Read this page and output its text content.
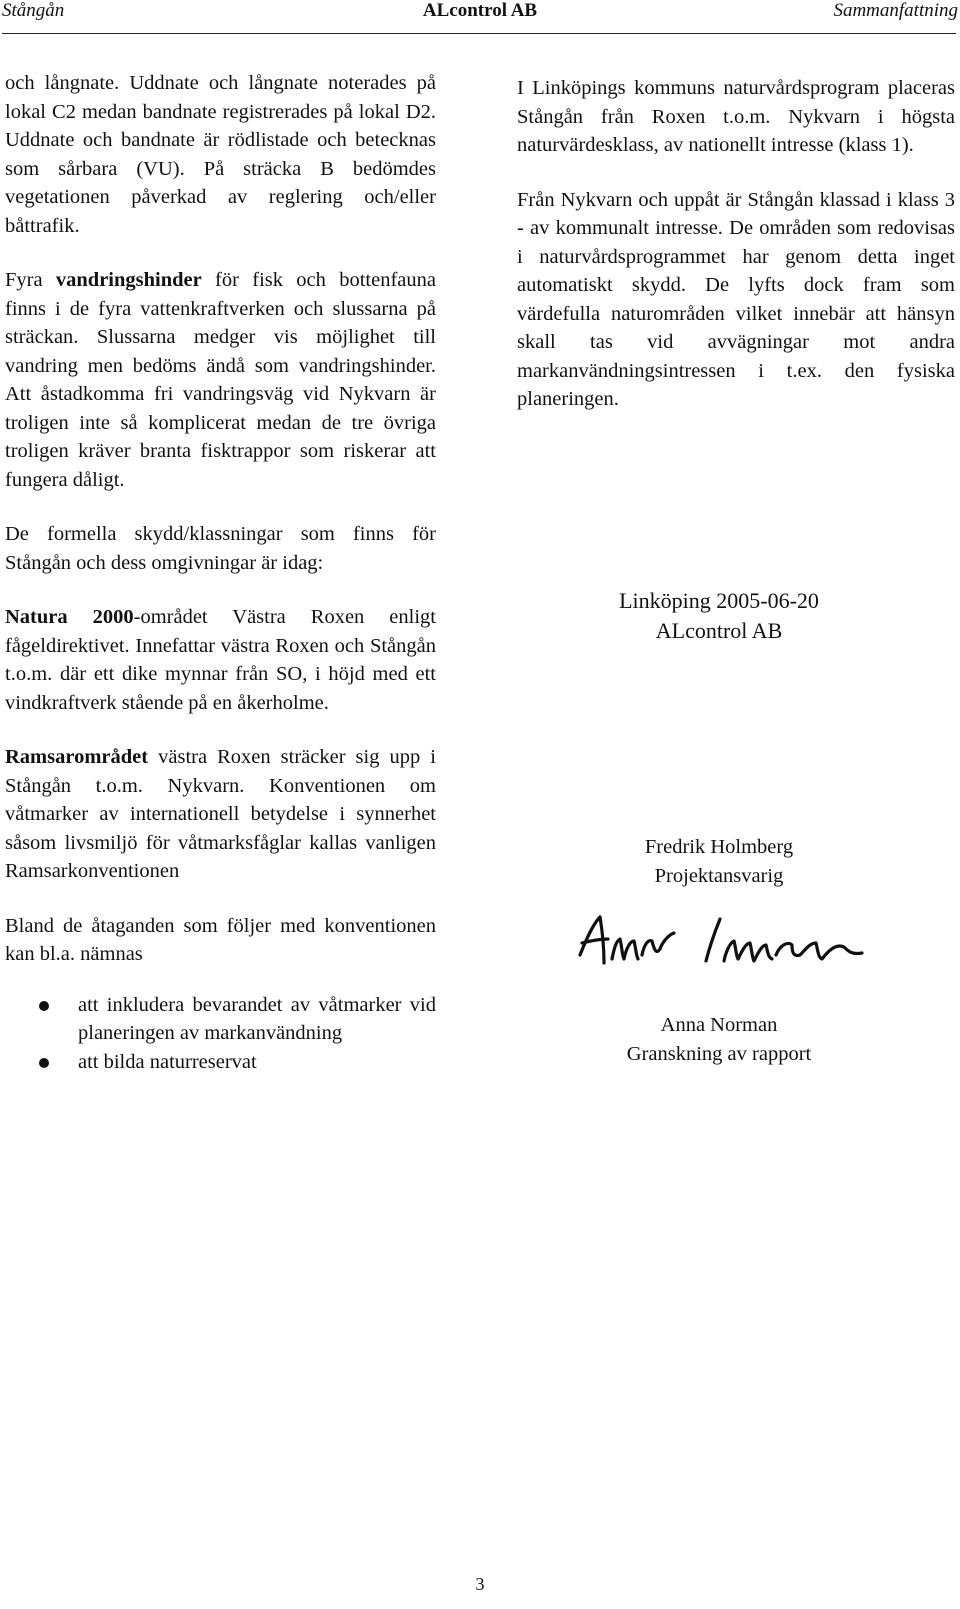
Stångån	ALcontrol AB	Sammanfattning

och långnate. Uddnate och långnate noterades på lokal C2 medan bandnate registrerades på lokal D2. Uddnate och bandnate är rödlistade och betecknas som sårbara (VU). På sträcka B bedömdes vegetationen påverkad av reglering och/eller båttrafik.

Fyra vandringshinder för fisk och bottenfauna finns i de fyra vattenkraftverken och slussarna på sträckan. Slussarna medger vis möjlighet till vandring men bedöms ändå som vandringshinder. Att åstadkomma fri vandringsväg vid Nykvarn är troligen inte så komplicerat medan de tre övriga troligen kräver branta fisktrappor som riskerar att fungera dåligt.

De formella skydd/klassningar som finns för Stångån och dess omgivningar är idag:

Natura 2000-området Västra Roxen enligt fågeldirektivet. Innefattar västra Roxen och Stångån t.o.m. där ett dike mynnar från SO, i höjd med ett vindkraftverk stående på en åkerholme.

Ramsarområdet västra Roxen sträcker sig upp i Stångån t.o.m. Nykvarn. Konventionen om våtmarker av internationell betydelse i synnerhet såsom livsmiljö för våtmarksfåglar kallas vanligen Ramsarkonventionen

Bland de åtaganden som följer med konventionen kan bl.a. nämnas

att inkludera bevarandet av våtmarker vid planeringen av markanvändning
att bilda naturreservat

I Linköpings kommuns naturvårdsprogram placeras Stångån från Roxen t.o.m. Nykvarn i högsta naturvärdesklass, av nationellt intresse (klass 1).

Från Nykvarn och uppåt är Stångån klassad i klass 3 - av kommunalt intresse. De områden som redovisas i naturvårdsprogrammet har genom detta inget automatiskt skydd. De lyfts dock fram som värdefulla naturområden vilket innebär att hänsyn skall tas vid avvägningar mot andra markanvändningsintressen i t.ex. den fysiska planeringen.

Linköping 2005-06-20
ALcontrol AB
Fredrik Holmberg
Projektansvarig
Anna Norman
Granskning av rapport
3
